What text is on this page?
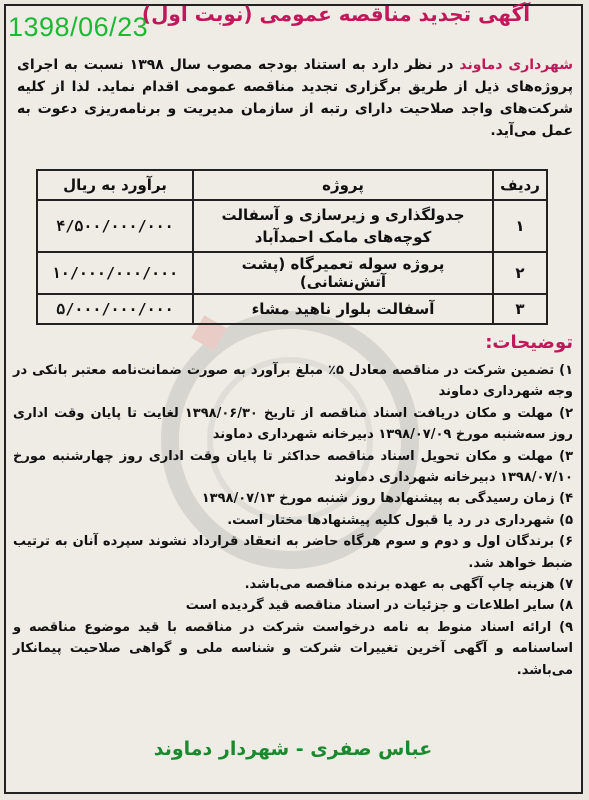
1398/06/23
آگهی تجدید مناقصه عمومی (نوبت اول)
شهرداری دماوند در نظر دارد به استناد بودجه مصوب سال ۱۳۹۸ نسبت به اجرای پروژه‌های ذیل از طریق برگزاری تجدید مناقصه عمومی اقدام نماید. لذا از کلیه شرکت‌های واجد صلاحیت دارای رتبه از سازمان مدیریت و برنامه‌ریزی دعوت به عمل می‌آید.
ردیف	پروژه	برآورد به ریال
۱	جدولگذاری و زیرسازی و آسفالت کوچه‌های مامک احمدآباد	۴/۵۰۰/۰۰۰/۰۰۰
۲	پروژه سوله تعمیرگاه (پشت آتش‌نشانی)	۱۰/۰۰۰/۰۰۰/۰۰۰
۳	آسفالت بلوار ناهید مشاء	۵/۰۰۰/۰۰۰/۰۰۰
توضیحات:

۱) تضمین شرکت در مناقصه معادل ۵٪ مبلغ برآورد به صورت ضمانت‌نامه معتبر بانکی در وجه شهرداری دماوند

۲) مهلت و مکان دریافت اسناد مناقصه از تاریخ ۱۳۹۸/۰۶/۳۰ لغایت تا پایان وقت اداری روز سه‌شنبه مورخ ۱۳۹۸/۰۷/۰۹ دبیرخانه شهرداری دماوند

۳) مهلت و مکان تحویل اسناد مناقصه حداکثر تا پایان وقت اداری روز چهارشنبه مورخ ۱۳۹۸/۰۷/۱۰ دبیرخانه شهرداری دماوند

۴) زمان رسیدگی به پیشنهادها روز شنبه مورخ ۱۳۹۸/۰۷/۱۳

۵) شهرداری در رد یا قبول کلیه پیشنهادها مختار است.

۶) برندگان اول و دوم و سوم هرگاه حاضر به انعقاد قرارداد نشوند سپرده آنان به ترتیب ضبط خواهد شد.

۷) هزینه چاپ آگهی به عهده برنده مناقصه می‌باشد.

۸) سایر اطلاعات و جزئیات در اسناد مناقصه قید گردیده است

۹) ارائه اسناد منوط به نامه درخواست شرکت در مناقصه با قید موضوع مناقصه و اساسنامه و آگهی آخرین تغییرات شرکت و شناسه ملی و گواهی صلاحیت پیمانکار می‌باشد.

عباس صفری - شهردار دماوند
